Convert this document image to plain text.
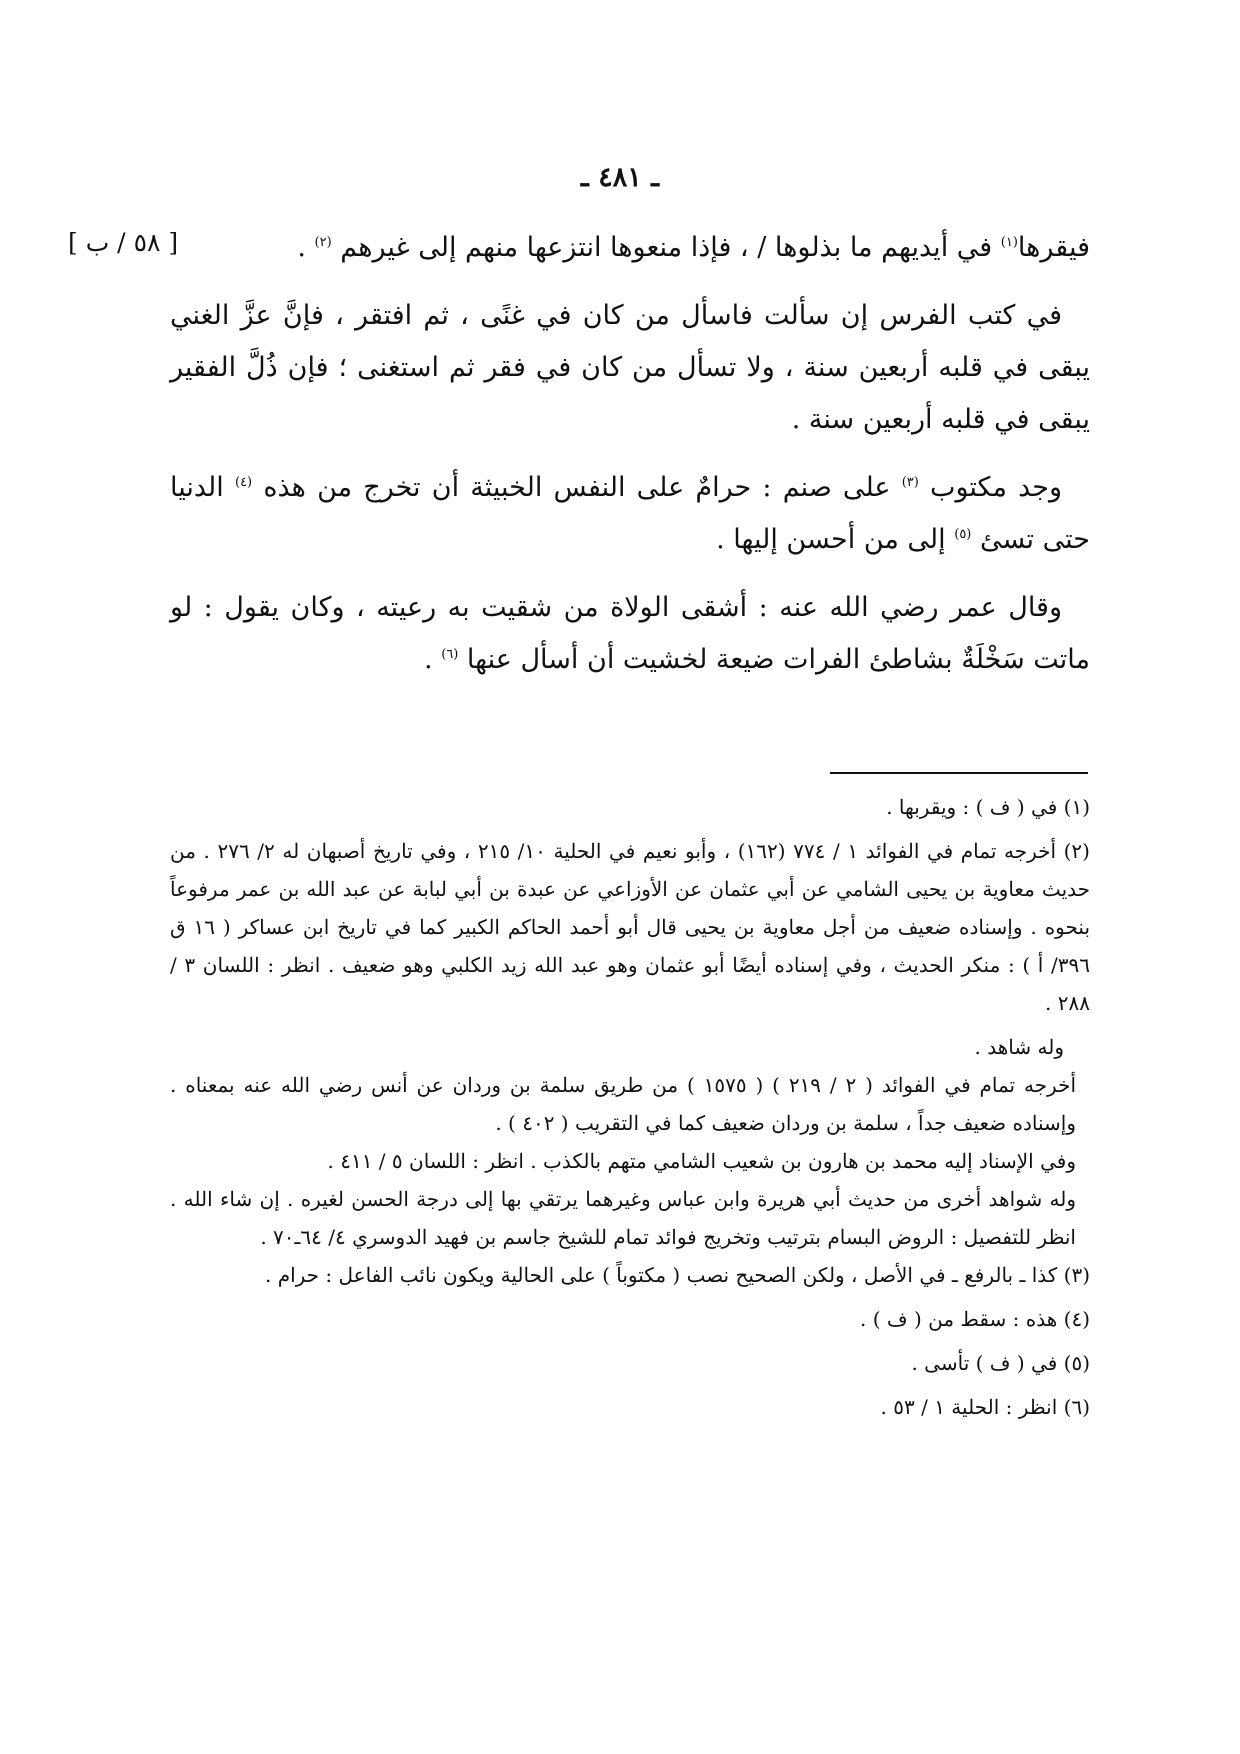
ـ ٤٨١ ـ
[ ٥٨ / ب ]	فيقرها$^{(١)}$ في أيديهم ما بذلوها / ، فإذا منعوها انتزعها منهم إلى غيرهم $^{(٢)}$ .

في كتب الفرس إن سألت فاسأل من كان في غنًى ، ثم افتقر ، فإنَّ عزَّ الغني يبقى في قلبه أربعين سنة ، ولا تسأل من كان في فقر ثم استغنى ؛ فإن ذُلَّ الفقير يبقى في قلبه أربعين سنة .

وجد مكتوب $^{(٣)}$ على صنم : حرامٌ على النفس الخبيثة أن تخرج من هذه $^{(٤)}$ الدنيا حتى تسئ $^{(٥)}$ إلى من أحسن إليها .

وقال عمر رضي الله عنه : أشقى الولاة من شقيت به رعيته ، وكان يقول : لو ماتت سَخْلَةٌ بشاطئ الفرات ضيعة لخشيت أن أسأل عنها $^{(٦)}$ .

(١) في ( ف ) : ويقربها .
(٢) أخرجه تمام في الفوائد ١ / ٧٧٤ (١٦٢) ، وأبو نعيم في الحلية ١٠/ ٢١٥ ، وفي تاريخ أصبهان له ٢/ ٢٧٦ . من حديث معاوية بن يحيى الشامي عن أبي عثمان عن الأوزاعي عن عبدة بن أبي لبابة عن عبد الله بن عمر مرفوعاً بنحوه . وإسناده ضعيف من أجل معاوية بن يحيى قال أبو أحمد الحاكم الكبير كما في تاريخ ابن عساكر ( ١٦ ق ٣٩٦/ أ ) : منكر الحديث ، وفي إسناده أيضًا أبو عثمان وهو عبد الله زيد الكلبي وهو ضعيف . انظر : اللسان ٣ / ٢٨٨ .
وله شاهد .
أخرجه تمام في الفوائد ( ٢ / ٢١٩ ) ( ١٥٧٥ ) من طريق سلمة بن وردان عن أنس رضي الله عنه بمعناه . وإسناده ضعيف جداً ، سلمة بن وردان ضعيف كما في التقريب ( ٤٠٢ ) .
وفي الإسناد إليه محمد بن هارون بن شعيب الشامي متهم بالكذب . انظر : اللسان ٥ / ٤١١ .
وله شواهد أخرى من حديث أبي هريرة وابن عباس وغيرهما يرتقي بها إلى درجة الحسن لغيره . إن شاء الله . انظر للتفصيل : الروض البسام بترتيب وتخريج فوائد تمام للشيخ جاسم بن فهيد الدوسري ٤/ ٦٤ـ٧٠ .
(٣) كذا ـ بالرفع ـ في الأصل ، ولكن الصحيح نصب ( مكتوباً ) على الحالية ويكون نائب الفاعل : حرام .
(٤) هذه : سقط من ( ف ) .
(٥) في ( ف ) تأسى .
(٦) انظر : الحلية ١ / ٥٣ .
